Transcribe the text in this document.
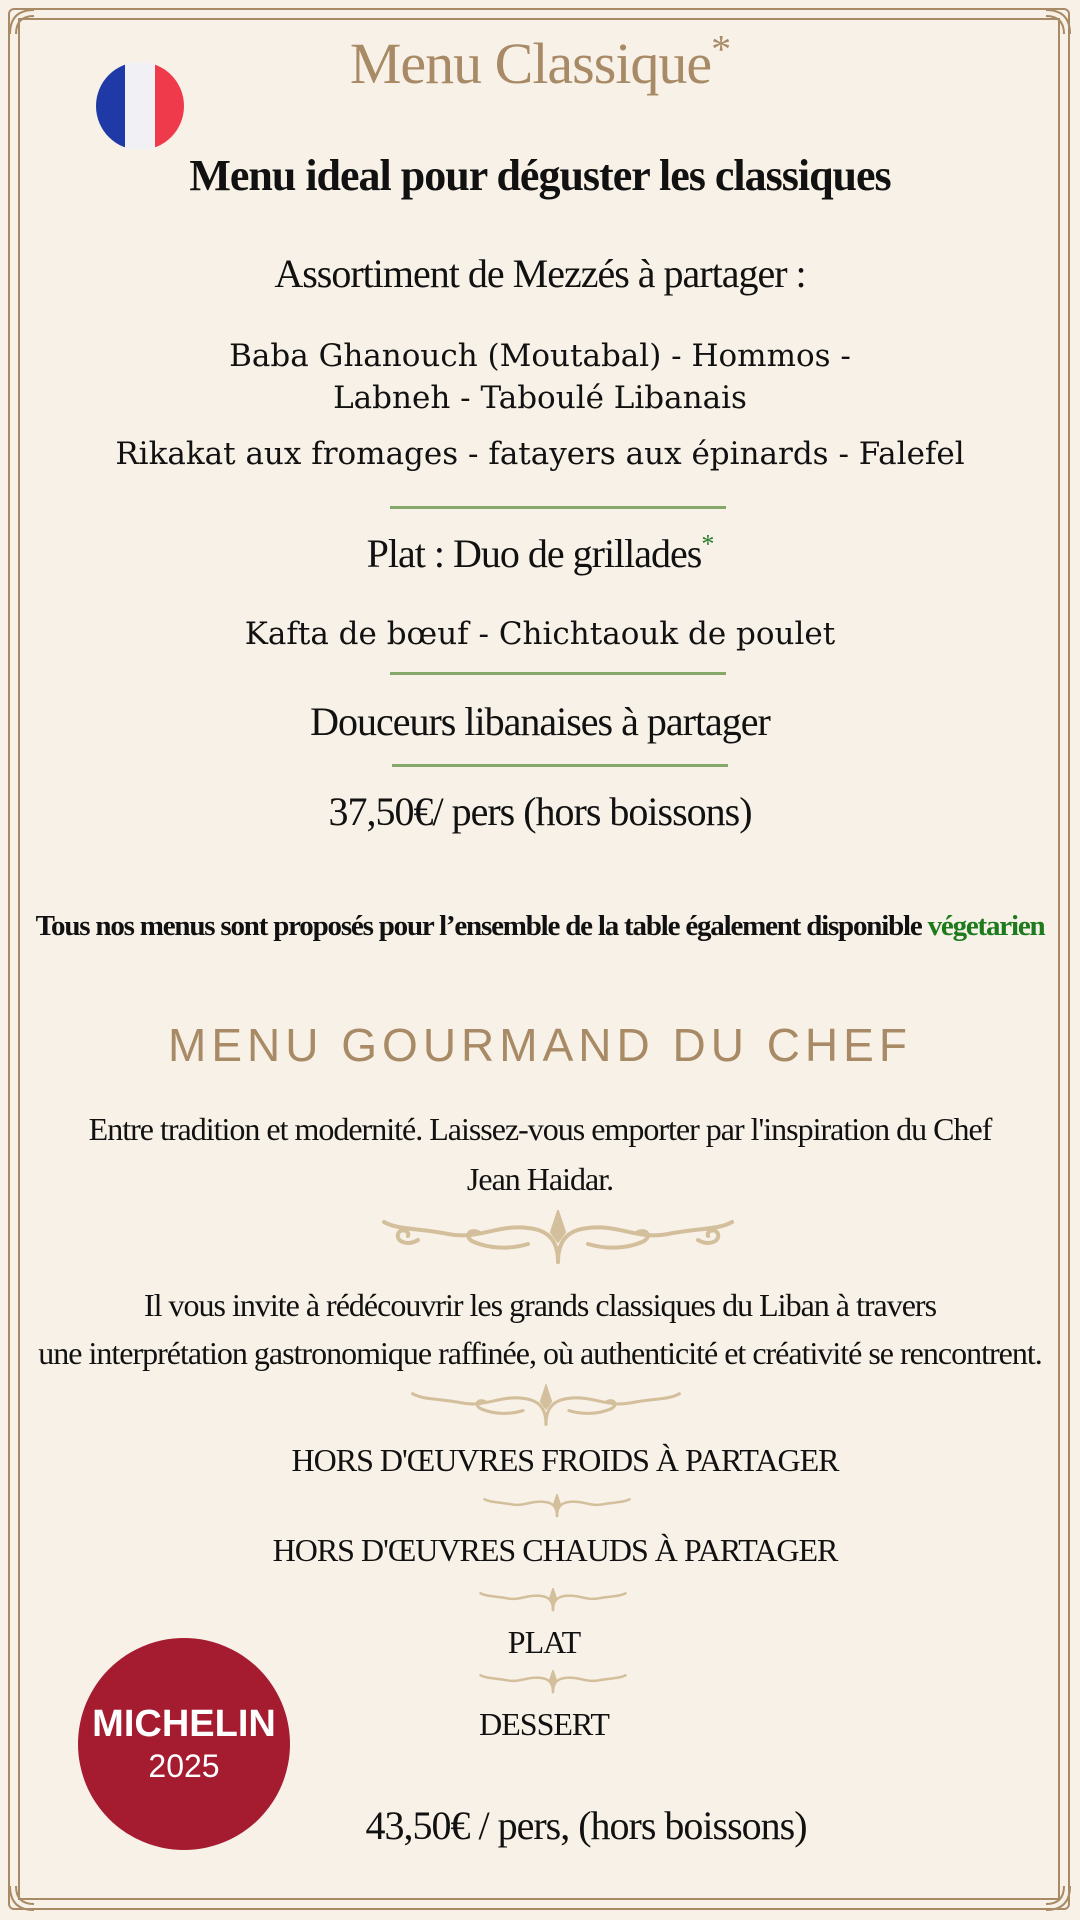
Menu Classique*
Menu ideal pour déguster les classiques
Assortiment de Mezzés à partager :
Baba Ghanouch (Moutabal) - Hommos -
Labneh - Taboulé Libanais
Rikakat aux fromages - fatayers aux épinards - Falefel
Plat : Duo de grillades*
Kafta de bœuf - Chichtaouk de poulet
Douceurs libanaises à partager
37,50€/ pers (hors boissons)
Tous nos menus sont proposés pour l’ensemble de la table également disponible végetarien
MENU GOURMAND DU CHEF
Entre tradition et modernité. Laissez-vous emporter par l'inspiration du Chef
Jean Haidar.
Il vous invite à rédécouvrir les grands classiques du Liban à travers
une interprétation gastronomique raffinée, où authenticité et créativité se rencontrent.
HORS D'ŒUVRES FROIDS À PARTAGER
HORS D'ŒUVRES CHAUDS À PARTAGER
PLAT
DESSERT
43,50€ / pers, (hors boissons)
MICHELIN
2025
